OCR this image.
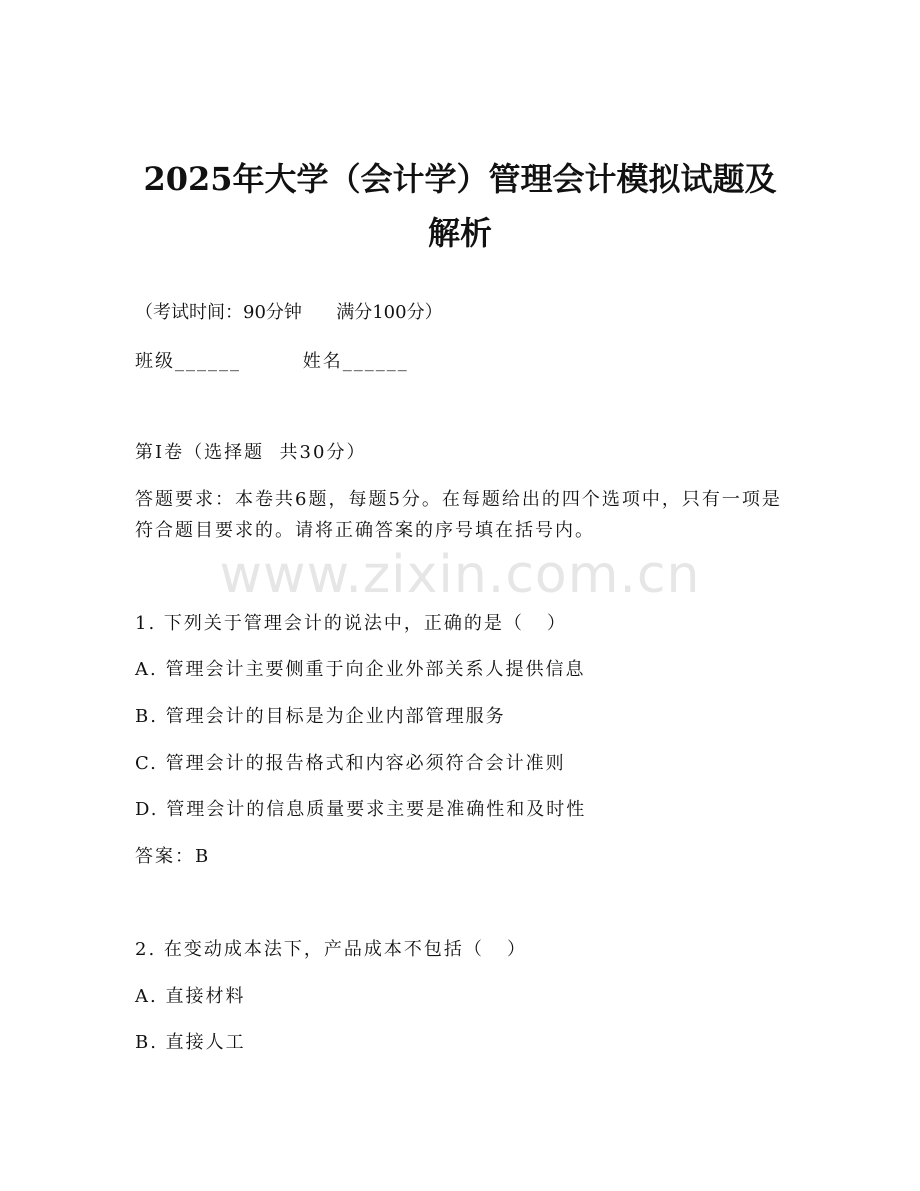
2025年大学（会计学）管理会计模拟试题及
解析
（考试时间：90分钟      满分100分）
班级______        姓名______
第I卷（选择题  共30分）
答题要求：本卷共6题，每题5分。在每题给出的四个选项中，只有一项是符合题目要求的。请将正确答案的序号填在括号内。
www.zixin.com.cn
1. 下列关于管理会计的说法中，正确的是（   ）
A. 管理会计主要侧重于向企业外部关系人提供信息
B. 管理会计的目标是为企业内部管理服务
C. 管理会计的报告格式和内容必须符合会计准则
D. 管理会计的信息质量要求主要是准确性和及时性
答案：B
2. 在变动成本法下，产品成本不包括（   ）
A. 直接材料
B. 直接人工
